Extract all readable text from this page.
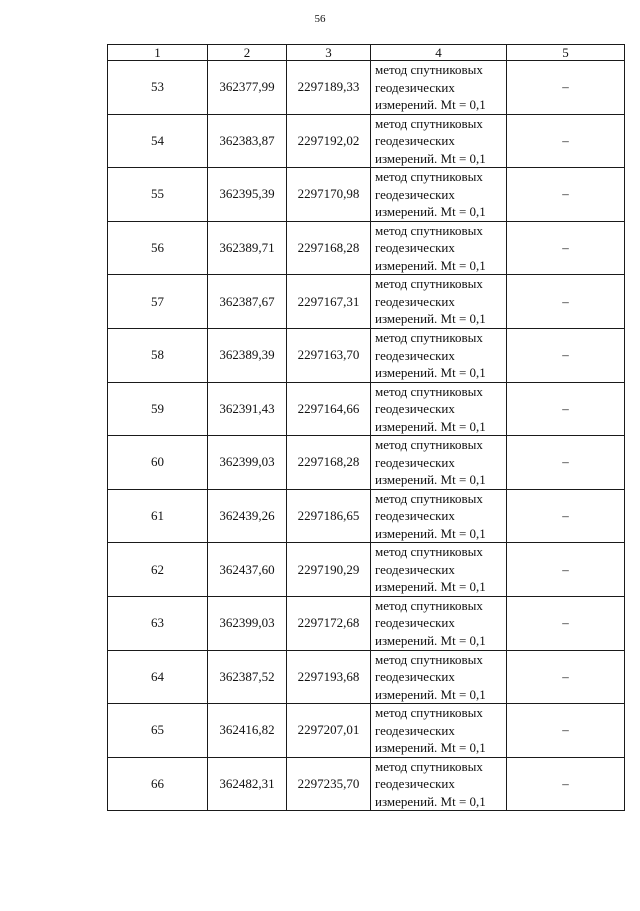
56
1	2	3	4	5
53	362377,99	2297189,33	метод спутниковых
геодезических
измерений. Mt = 0,1	–
54	362383,87	2297192,02	метод спутниковых
геодезических
измерений. Mt = 0,1	–
55	362395,39	2297170,98	метод спутниковых
геодезических
измерений. Mt = 0,1	–
56	362389,71	2297168,28	метод спутниковых
геодезических
измерений. Mt = 0,1	–
57	362387,67	2297167,31	метод спутниковых
геодезических
измерений. Mt = 0,1	–
58	362389,39	2297163,70	метод спутниковых
геодезических
измерений. Mt = 0,1	–
59	362391,43	2297164,66	метод спутниковых
геодезических
измерений. Mt = 0,1	–
60	362399,03	2297168,28	метод спутниковых
геодезических
измерений. Mt = 0,1	–
61	362439,26	2297186,65	метод спутниковых
геодезических
измерений. Mt = 0,1	–
62	362437,60	2297190,29	метод спутниковых
геодезических
измерений. Mt = 0,1	–
63	362399,03	2297172,68	метод спутниковых
геодезических
измерений. Mt = 0,1	–
64	362387,52	2297193,68	метод спутниковых
геодезических
измерений. Mt = 0,1	–
65	362416,82	2297207,01	метод спутниковых
геодезических
измерений. Mt = 0,1	–
66	362482,31	2297235,70	метод спутниковых
геодезических
измерений. Mt = 0,1	–
